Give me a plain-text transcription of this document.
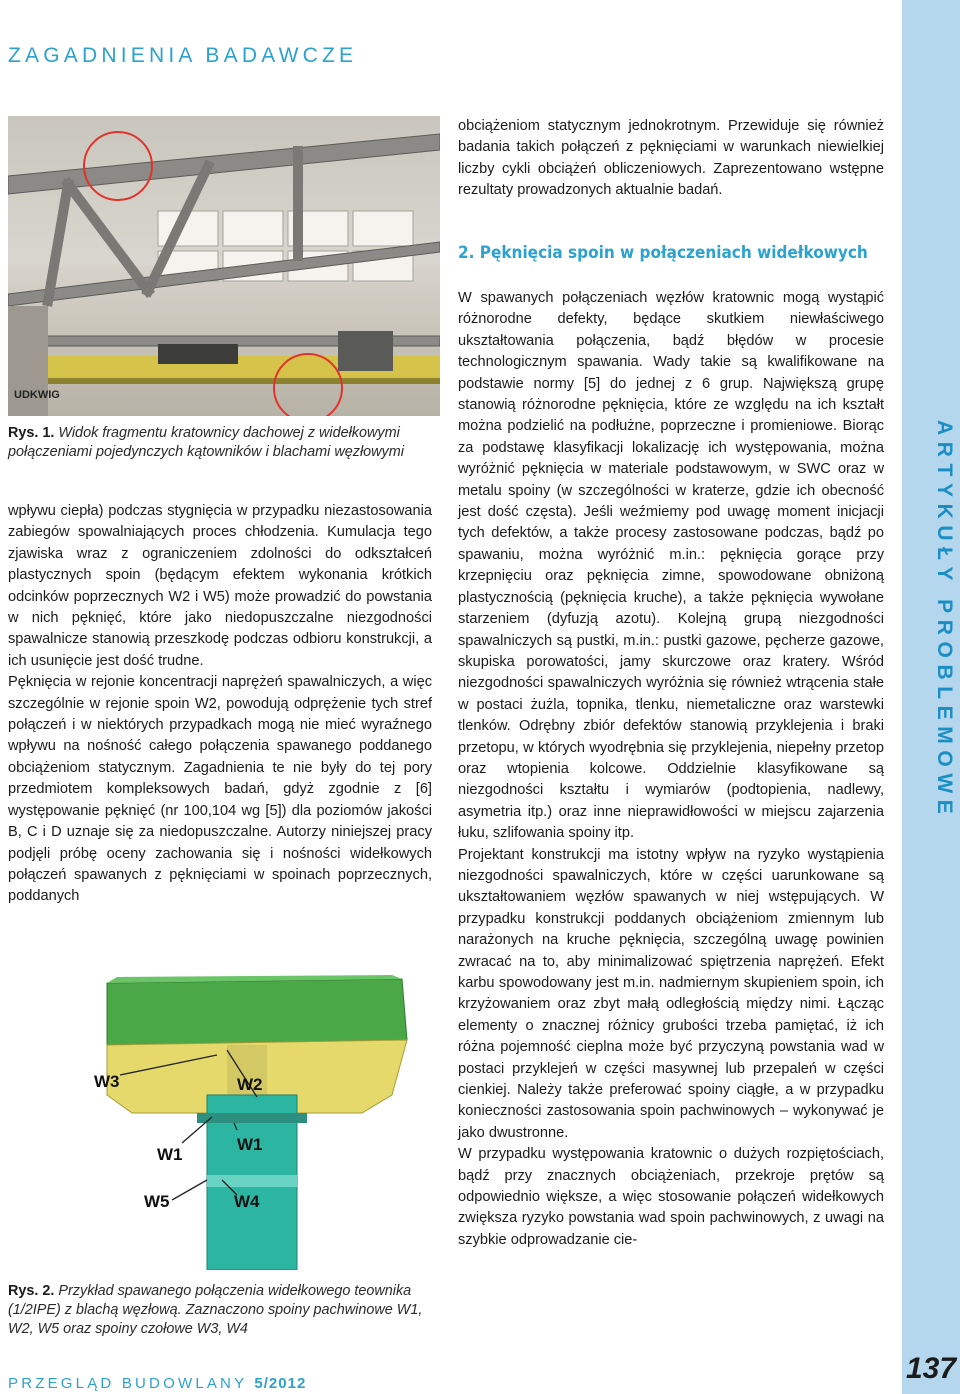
ZAGADNIENIA BADAWCZE
UDKWIG
Rys. 1. Widok fragmentu kratownicy dachowej z widełkowymi połączeniami pojedynczych kątowników i blachami węzłowymi

wpływu ciepła) podczas stygnięcia w przypadku niezastosowania zabiegów spowalniających proces chłodzenia. Kumulacja tego zjawiska wraz z ograniczeniem zdolności do odkształceń plastycznych spoin (będącym efektem wykonania krótkich odcinków poprzecznych W2 i W5) może prowadzić do powstania w nich pęknięć, które jako niedopuszczalne niezgodności spawalnicze stanowią przeszkodę podczas odbioru konstrukcji, a ich usunięcie jest dość trudne.

Pęknięcia w rejonie koncentracji naprężeń spawalniczych, a więc szczególnie w rejonie spoin W2, powodują odprężenie tych stref połączeń i w niektórych przypadkach mogą nie mieć wyraźnego wpływu na nośność całego połączenia spawanego poddanego obciążeniom statycznym. Zagadnienia te nie były do tej pory przedmiotem kompleksowych badań, gdyż zgodnie z [6] występowanie pęknięć (nr 100,104 wg [5]) dla poziomów jakości B, C i D uznaje się za niedopuszczalne. Autorzy niniejszej pracy podjęli próbę oceny zachowania się i nośności widełkowych połączeń spawanych z pęknięciami w spoinach poprzecznych, poddanych

W3	W2
W1
W1
W5	W4
Rys. 2. Przykład spawanego połączenia widełkowego teownika (1/2IPE) z blachą węzłową. Zaznaczono spoiny pachwinowe W1, W2, W5 oraz spoiny czołowe W3, W4

obciążeniom statycznym jednokrotnym. Przewiduje się również badania takich połączeń z pęknięciami w warunkach niewielkiej liczby cykli obciążeń obliczeniowych. Zaprezentowano wstępne rezultaty prowadzonych aktualnie badań.

2. Pęknięcia spoin w połączeniach widełkowych

W spawanych połączeniach węzłów kratownic mogą wystąpić różnorodne defekty, będące skutkiem niewłaściwego ukształtowania połączenia, bądź błędów w procesie technologicznym spawania. Wady takie są kwalifikowane na podstawie normy [5] do jednej z 6 grup. Największą grupę stanowią różnorodne pęknięcia, które ze względu na ich kształt można podzielić na podłużne, poprzeczne i promieniowe. Biorąc za podstawę klasyfikacji lokalizację ich występowania, można wyróżnić pęknięcia w materiale podstawowym, w SWC oraz w metalu spoiny (w szczególności w kraterze, gdzie ich obecność jest dość częsta). Jeśli weźmiemy pod uwagę moment inicjacji tych defektów, a także procesy zastosowane podczas, bądź po spawaniu, można wyróżnić m.in.: pęknięcia gorące przy krzepnięciu oraz pęknięcia zimne, spowodowane obniżoną plastycznością (pęknięcia kruche), a także pęknięcia wywołane starzeniem (dyfuzją azotu). Kolejną grupą niezgodności spawalniczych są pustki, m.in.: pustki gazowe, pęcherze gazowe, skupiska porowatości, jamy skurczowe oraz kratery. Wśród niezgodności spawalniczych wyróżnia się również wtrącenia stałe w postaci żużla, topnika, tlenku, niemetaliczne oraz warstewki tlenków. Odrębny zbiór defektów stanowią przyklejenia i braki przetopu, w których wyodrębnia się przyklejenia, niepełny przetop oraz wtopienia kolcowe. Oddzielnie klasyfikowane są niezgodności kształtu i wymiarów (podtopienia, nadlewy, asymetria itp.) oraz inne nieprawidłowości w miejscu zajarzenia łuku, szlifowania spoiny itp.

Projektant konstrukcji ma istotny wpływ na ryzyko wystąpienia niezgodności spawalniczych, które w części uarunkowane są ukształtowaniem węzłów spawanych w niej wstępujących. W przypadku konstrukcji poddanych obciążeniom zmiennym lub narażonych na kruche pęknięcia, szczególną uwagę powinien zwracać na to, aby minimalizować spiętrzenia naprężeń. Efekt karbu spowodowany jest m.in. nadmiernym skupieniem spoin, ich krzyżowaniem oraz zbyt małą odległością między nimi. Łącząc elementy o znacznej różnicy grubości trzeba pamiętać, iż ich różna pojemność cieplna może być przyczyną powstania wad w postaci przyklejeń w części masywnej lub przepaleń w części cienkiej. Należy także preferować spoiny ciągłe, a w przypadku konieczności zastosowania spoin pachwinowych – wykonywać je jako dwustronne.

W przypadku występowania kratownic o dużych rozpiętościach, bądź przy znacznych obciążeniach, przekroje prętów są odpowiednio większe, a więc stosowanie połączeń widełkowych zwiększa ryzyko powstania wad spoin pachwinowych, z uwagi na szybkie odprowadzanie cie-

ARTYKUŁY PROBLEMOWE
137
PRZEGLĄD BUDOWLANY 5/2012
